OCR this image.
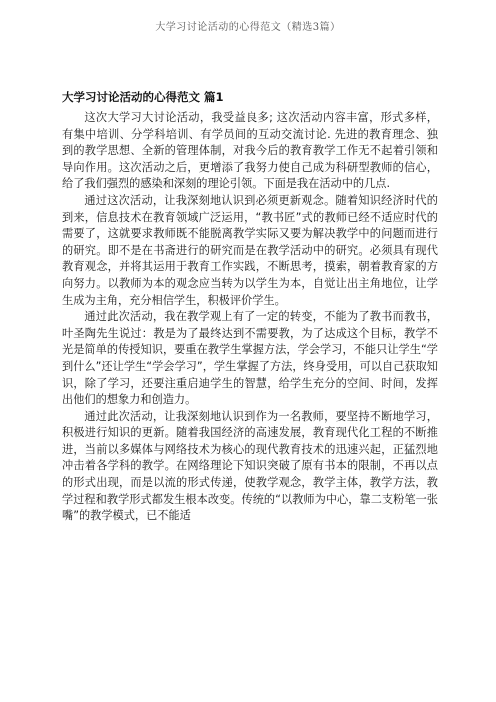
大学习讨论活动的心得范文（精选3篇）
大学习讨论活动的心得范文 篇1

这次大学习大讨论活动，我受益良多; 这次活动内容丰富，形式多样，有集中培训、分学科培训、有学员间的互动交流讨论. 先进的教育理念、独到的教学思想、全新的管理体制，对我今后的教育教学工作无不起着引领和导向作用。这次活动之后，更增添了我努力使自己成为科研型教师的信心，给了我们强烈的感染和深刻的理论引领。下面是我在活动中的几点.

通过这次活动，让我深刻地认识到必须更新观念。随着知识经济时代的到来，信息技术在教育领域广泛运用，“教书匠”式的教师已经不适应时代的需要了，这就要求教师既不能脱离教学实际又要为解决教学中的问题而进行的研究。即不是在书斋进行的研究而是在教学活动中的研究。必须具有现代教育观念，并将其运用于教育工作实践，不断思考，摸索，朝着教育家的方向努力。以教师为本的观念应当转为以学生为本，自觉让出主角地位，让学生成为主角，充分相信学生，积极评价学生。

通过此次活动，我在教学观上有了一定的转变，不能为了教书而教书，叶圣陶先生说过：教是为了最终达到不需要教，为了达成这个目标，教学不光是简单的传授知识，要重在教学生掌握方法，学会学习，不能只让学生“学到什么”还让学生“学会学习”，学生掌握了方法，终身受用，可以自己获取知识，除了学习，还要注重启迪学生的智慧，给学生充分的空间、时间，发挥出他们的想象力和创造力。

通过此次活动，让我深刻地认识到作为一名教师，要坚持不断地学习，积极进行知识的更新。随着我国经济的高速发展，教育现代化工程的不断推进，当前以多媒体与网络技术为核心的现代教育技术的迅速兴起，正猛烈地冲击着各学科的教学。在网络理论下知识突破了原有书本的限制，不再以点的形式出现，而是以流的形式传递，使教学观念，教学主体，教学方法，教学过程和教学形式都发生根本改变。传统的“以教师为中心，靠二支粉笔一张嘴”的教学模式，已不能适
